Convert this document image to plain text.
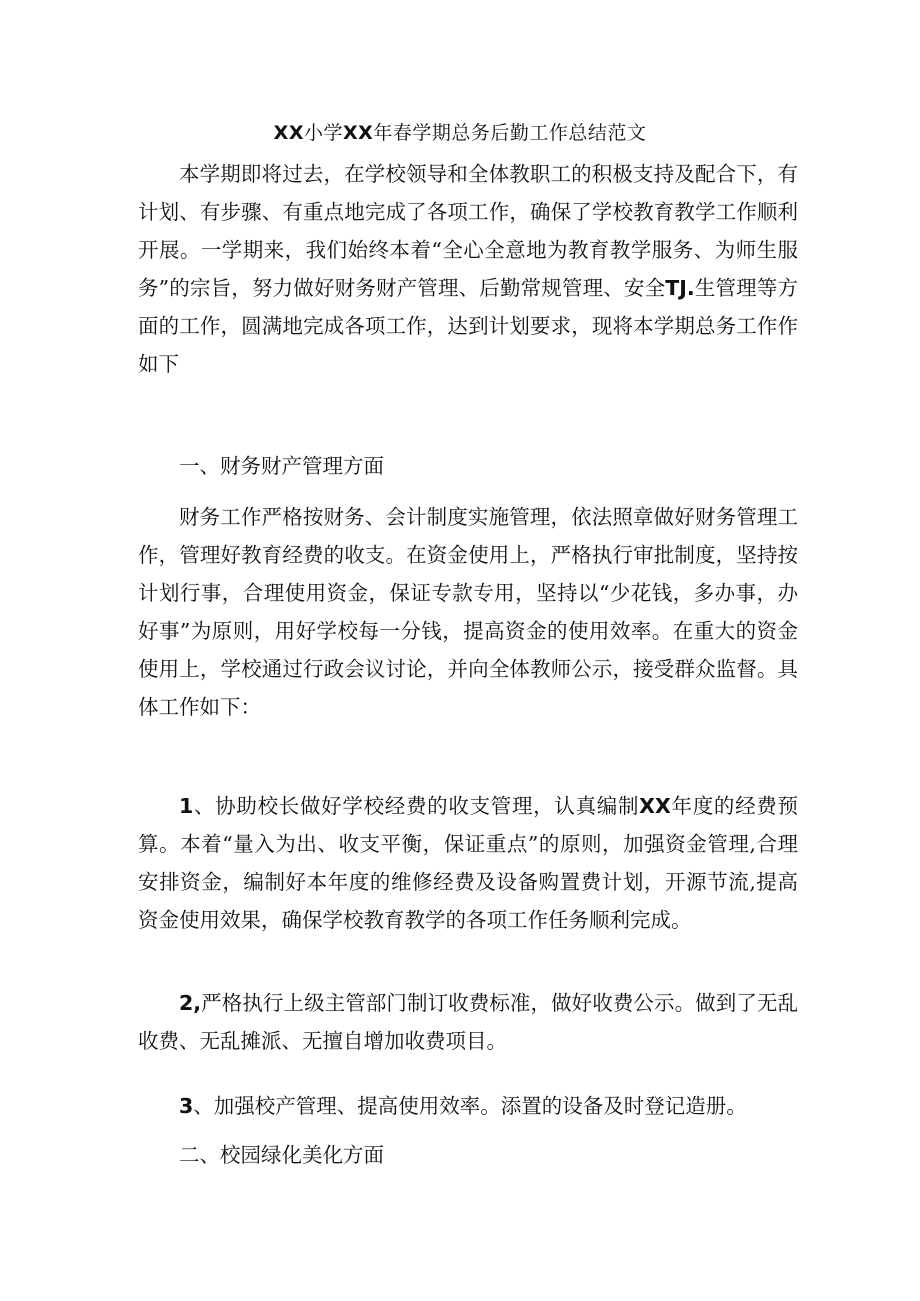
XX小学XX年春学期总务后勤工作总结范文

本学期即将过去，在学校领导和全体教职工的积极支持及配合下，有计划、有步骤、有重点地完成了各项工作，确保了学校教育教学工作顺利开展。一学期来，我们始终本着“全心全意地为教育教学服务、为师生服务”的宗旨，努力做好财务财产管理、后勤常规管理、安全TJ.生管理等方面的工作，圆满地完成各项工作，达到计划要求，现将本学期总务工作作如下

一、财务财产管理方面

财务工作严格按财务、会计制度实施管理，依法照章做好财务管理工作，管理好教育经费的收支。在资金使用上，严格执行审批制度，坚持按计划行事，合理使用资金，保证专款专用，坚持以“少花钱，多办事，办好事”为原则，用好学校每一分钱，提高资金的使用效率。在重大的资金使用上，学校通过行政会议讨论，并向全体教师公示，接受群众监督。具体工作如下：

1、协助校长做好学校经费的收支管理，认真编制XX年度的经费预算。本着“量入为出、收支平衡，保证重点”的原则，加强资金管理,合理安排资金，编制好本年度的维修经费及设备购置费计划，开源节流,提高资金使用效果，确保学校教育教学的各项工作任务顺利完成。

2,严格执行上级主管部门制订收费标准，做好收费公示。做到了无乱收费、无乱摊派、无擅自增加收费项目。

3、加强校产管理、提高使用效率。添置的设备及时登记造册。

二、校园绿化美化方面
